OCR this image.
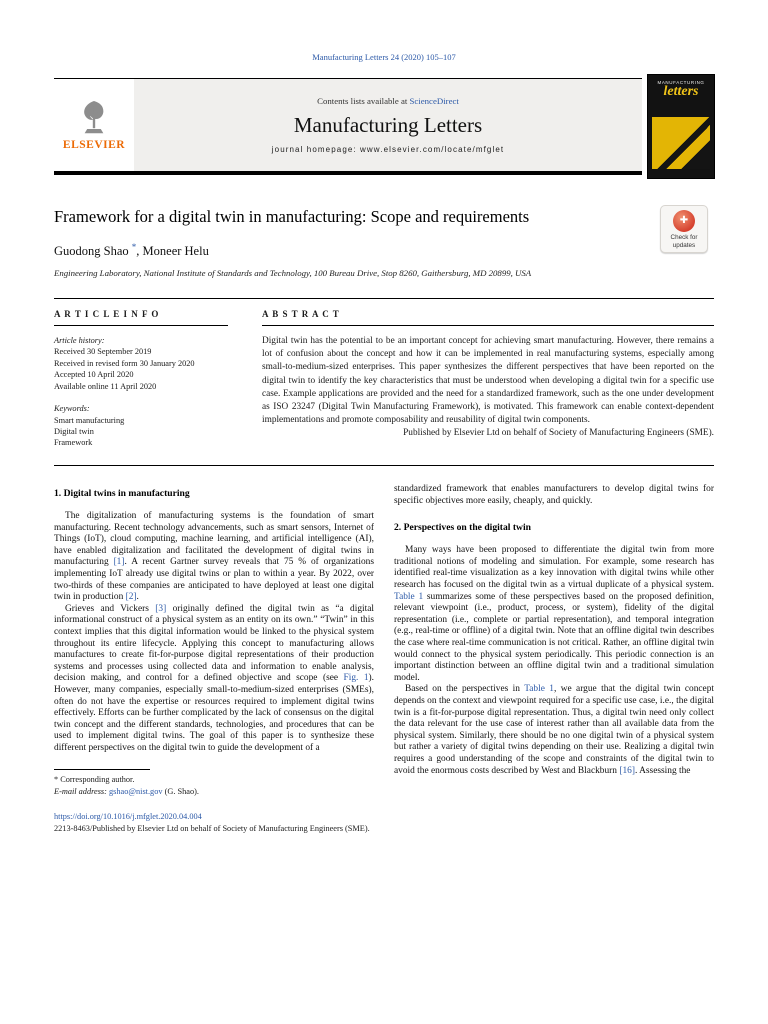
Manufacturing Letters 24 (2020) 105–107
ELSEVIER
Contents lists available at ScienceDirect
Manufacturing Letters
journal homepage: www.elsevier.com/locate/mfglet
MANUFACTURING
letters
Framework for a digital twin in manufacturing: Scope and requirements	✚
Check for
updates
Guodong Shao *, Moneer Helu
Engineering Laboratory, National Institute of Standards and Technology, 100 Bureau Drive, Stop 8260, Gaithersburg, MD 20899, USA
A R T I C L E I N F O
Article history:
Received 30 September 2019
Received in revised form 30 January 2020
Accepted 10 April 2020
Available online 11 April 2020
Keywords:
Smart manufacturing
Digital twin
Framework
A B S T R A C T
Digital twin has the potential to be an important concept for achieving smart manufacturing. However, there remains a lot of confusion about the concept and how it can be implemented in real manufacturing systems, especially among small-to-medium-sized enterprises. This paper synthesizes the different perspectives that have been reported on the digital twin to identify the key characteristics that must be understood when developing a digital twin for a specific use case. Example applications are provided and the need for a standardized framework, such as the one under development as ISO 23247 (Digital Twin Manufacturing Framework), is motivated. This framework can enable context-dependent implementations and promote composability and reusability of digital twin components.
Published by Elsevier Ltd on behalf of Society of Manufacturing Engineers (SME).
1. Digital twins in manufacturing

The digitalization of manufacturing systems is the foundation of smart manufacturing. Recent technology advancements, such as smart sensors, Internet of Things (IoT), cloud computing, machine learning, and artificial intelligence (AI), have enabled digitalization and facilitated the development of digital twins in manufacturing [1]. A recent Gartner survey reveals that 75 % of organizations implementing IoT already use digital twins or plan to within a year. By 2022, over two-thirds of these companies are anticipated to have deployed at least one digital twin in production [2].

Grieves and Vickers [3] originally defined the digital twin as “a digital informational construct of a physical system as an entity on its own.” “Twin” in this context implies that this digital information would be linked to the physical system throughout its entire lifecycle. Applying this concept to manufacturing allows manufactures to create fit-for-purpose digital representations of their production systems and processes using collected data and information to enable analysis, decision making, and control for a defined objective and scope (see Fig. 1). However, many companies, especially small-to-medium-sized enterprises (SMEs), often do not have the expertise or resources required to implement digital twins effectively. Efforts can be further complicated by the lack of consensus on the digital twin concept and the different standards, technologies, and procedures that can be used to implement digital twins. The goal of this paper is to synthesize these different perspectives on the digital twin to guide the development of a

* Corresponding author.
E-mail address: gshao@nist.gov (G. Shao).

standardized framework that enables manufacturers to develop digital twins for specific objectives more easily, cheaply, and quickly.

2. Perspectives on the digital twin

Many ways have been proposed to differentiate the digital twin from more traditional notions of modeling and simulation. For example, some research has identified real-time visualization as a key innovation with digital twins while other research has focused on the digital twin as a virtual duplicate of a physical system. Table 1 summarizes some of these perspectives based on the proposed definition, relevant viewpoint (i.e., product, process, or system), fidelity of the digital representation (i.e., complete or partial representation), and temporal integration (e.g., real-time or offline) of a digital twin. Note that an offline digital twin describes the case where real-time communication is not critical. Rather, an offline digital twin would connect to the physical system periodically. This periodic connection is an important distinction between an offline digital twin and a traditional simulation model.

Based on the perspectives in Table 1, we argue that the digital twin concept depends on the context and viewpoint required for a specific use case, i.e., the digital twin is a fit-for-purpose digital representation. Thus, a digital twin need only collect the data relevant for the use case of interest rather than all available data from the physical system. Similarly, there should be no one digital twin of a physical system but rather a variety of digital twins depending on their use. Realizing a digital twin requires a good understanding of the scope and constraints of the digital twin to avoid the enormous costs described by West and Blackburn [16]. Assessing the

https://doi.org/10.1016/j.mfglet.2020.04.004
2213-8463/Published by Elsevier Ltd on behalf of Society of Manufacturing Engineers (SME).
